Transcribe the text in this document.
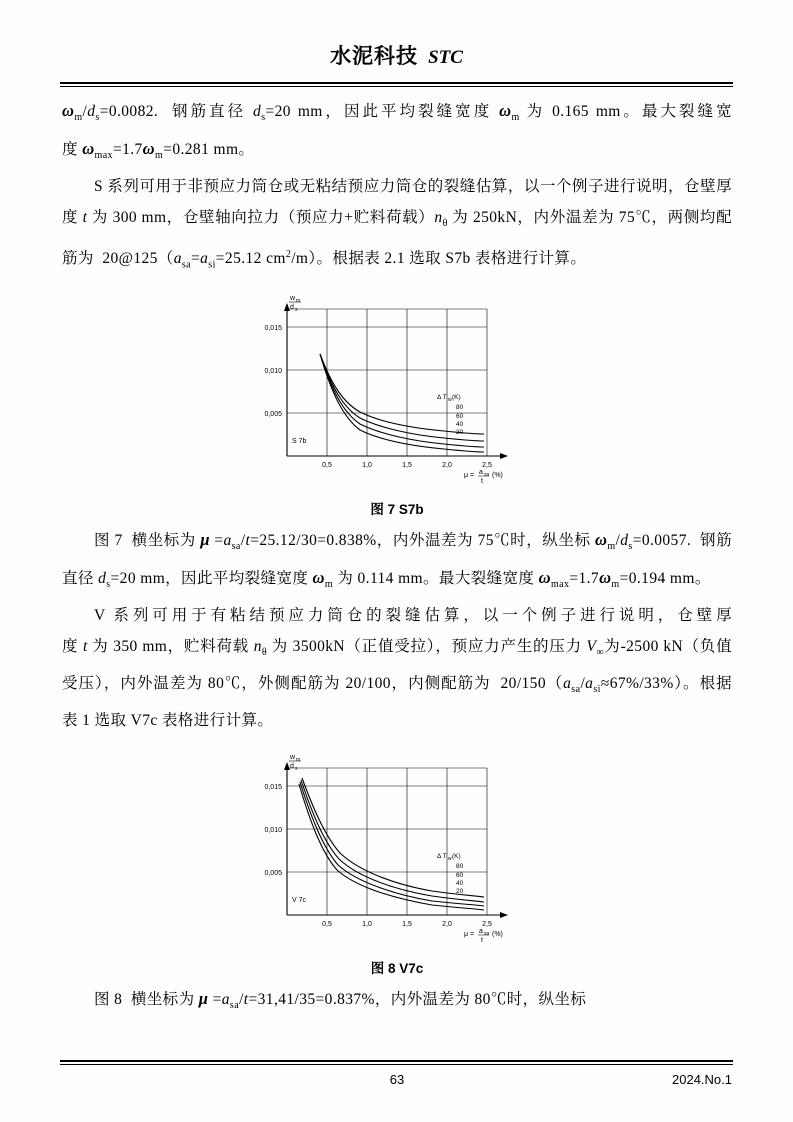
水泥科技 STC

$\omega_m/d_s=0.0082$.  钢筋直径 $d_s=20$ mm，因此平均裂缝宽度 $\omega_m$ 为 0.165 mm。最大裂缝宽度 $\omega_{max}=1.7\omega_m=0.281$ mm。

S 系列可用于非预应力筒仓或无粘结预应力筒仓的裂缝估算，以一个例子进行说明，仓壁厚度 t 为 300 mm，仓壁轴向拉力（预应力+贮料荷载）$n_\theta$ 为 250kN，内外温差为 75℃，两侧均配筋为  $20@125(a_{sa}=a_{si}=25.12$ $cm^2/m$）。根据表 2.1 选取 S7b 表格进行计算。

0,015
0,010
0,005
0,5	1,0	1,5	2,0	2,5
w m
d s
μ = a sa
t
(%)
Δ T w (K)
80
60
40
20
S 7b
图 7 S7b

图 7  横坐标为 $\mu =a_{sa}/t=25.12/30=0.838\%$，内外温差为 75℃时，纵坐标 $\omega_m/d_s=0.0057$.  钢筋直径 $d_s=20$ mm，因此平均裂缝宽度 $\omega_m$ 为 0.114 mm。最大裂缝宽度 $\omega_{max}=1.7\omega_m=0.194$ mm。

V 系列可用于有粘结预应力筒仓的裂缝估算，以一个例子进行说明，仓壁厚度 t 为 350 mm，贮料荷载 $n_\theta$ 为 3500kN（正值受拉），预应力产生的压力 $V_\infty$为-2500 kN（负值受压），内外温差为 80℃，外侧配筋为 20/100，内侧配筋为  $20/150(a_{sa}/a_{si}\approx 67\%/33\%)$。根据表 1 选取 V7c 表格进行计算。

0,015
0,010
0,005
0,5	1,0	1,5	2,0	2,5
w m
d s
μ = a sa
t
(%)
Δ T w (K)
80
60
40
20
V 7c
图 8 V7c

图 8  横坐标为 $\mu =a_{sa}/t=31,41/35=0.837\%$，内外温差为 80℃时，纵坐标

63	2024.No.1
